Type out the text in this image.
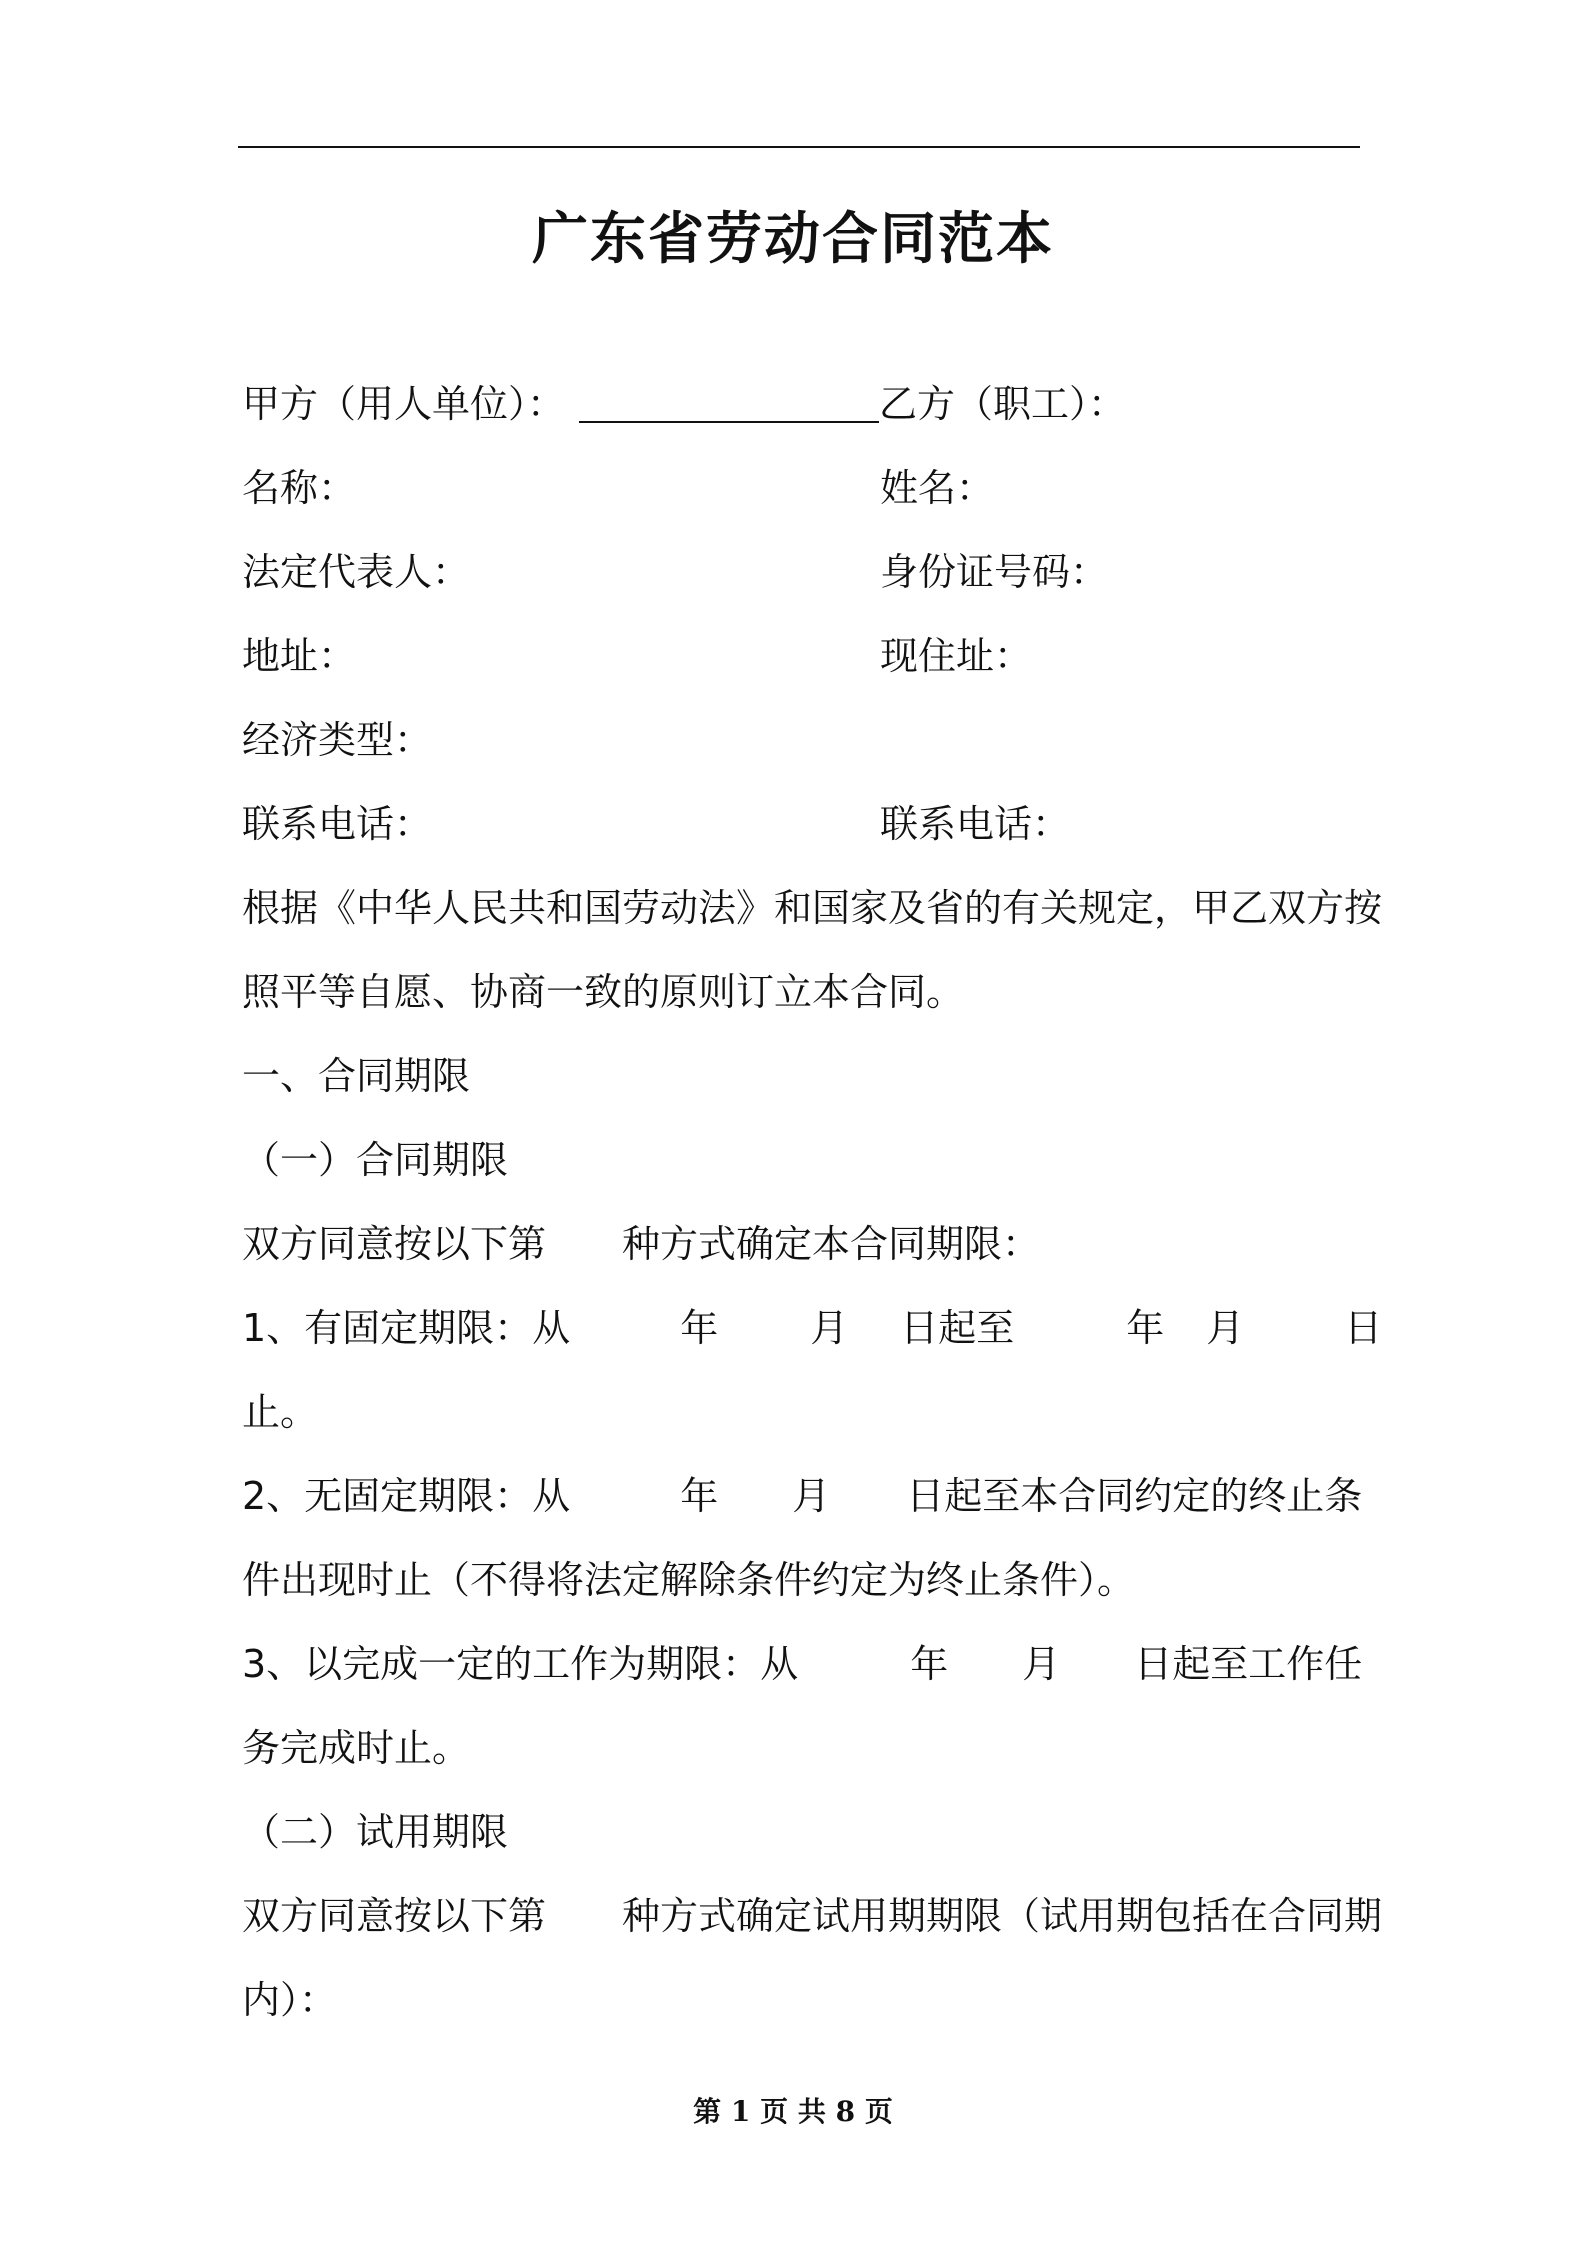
广东省劳动合同范本
甲方（用人单位）：	乙方（职工）：
名称：	姓名：
法定代表人：	身份证号码：
地址：	现住址：
经济类型：
联系电话：	联系电话：
根据《中华人民共和国劳动法》和国家及省的有关规定，甲乙双方按
照平等自愿、协商一致的原则订立本合同。
一、合同期限
（一）合同期限
双方同意按以下第 种方式确定本合同期限：
1、有固定期限：从	年 月 日起至	年 月	日
止。
2、无固定期限：从	年 月 日起至本合同约定的终止条
件出现时止（不得将法定解除条件约定为终止条件）。
3、以完成一定的工作为期限：从	年 月 日起至工作任
务完成时止。
（二）试用期限
双方同意按以下第 种方式确定试用期期限（试用期包括在合同期
内）：
第 1 页 共 8 页
